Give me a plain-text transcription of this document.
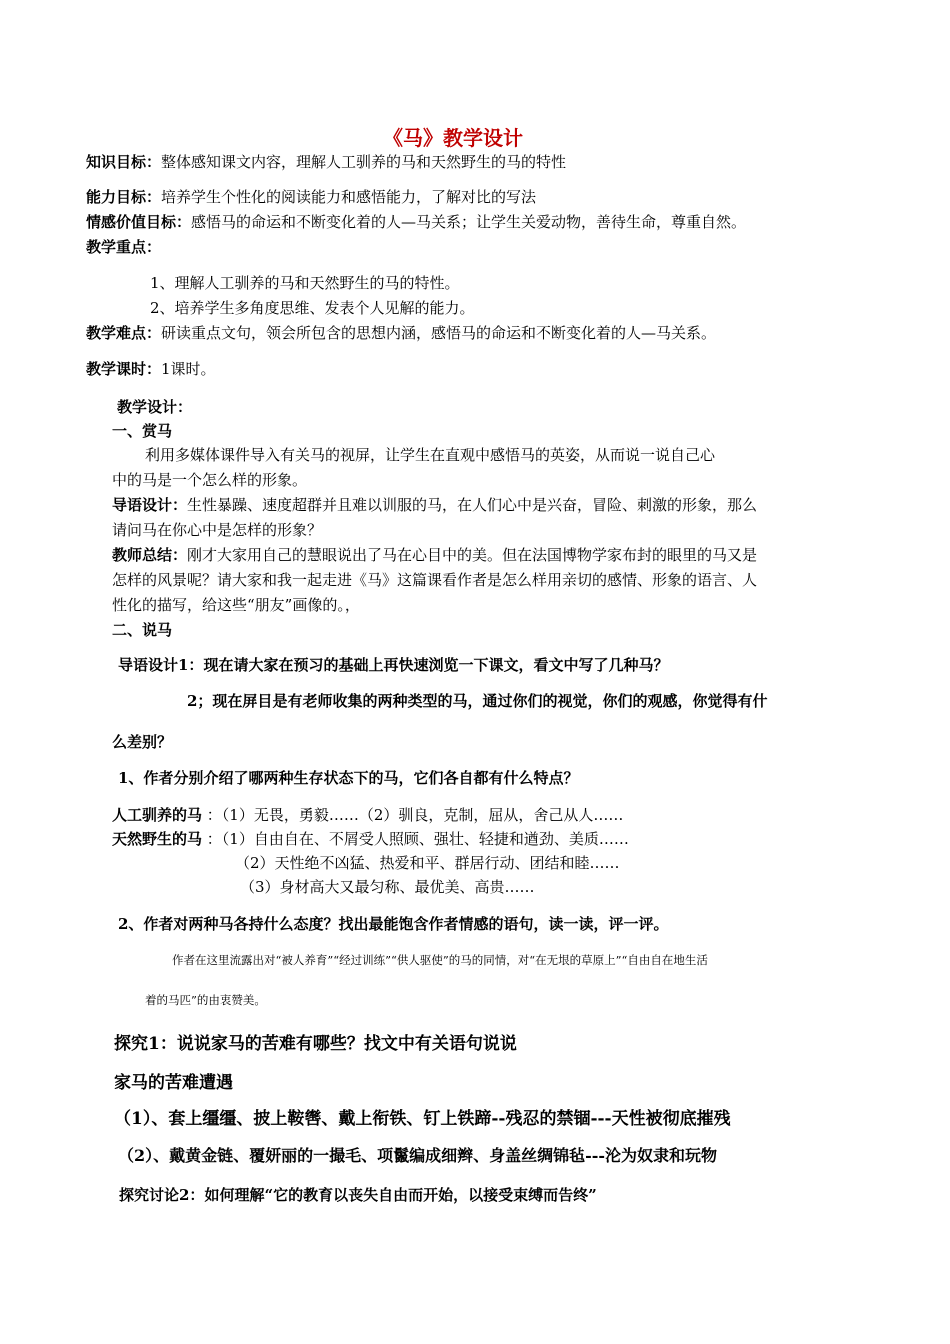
《马》教学设计
知识目标：整体感知课文内容，理解人工驯养的马和天然野生的马的特性
能力目标：培养学生个性化的阅读能力和感悟能力，了解对比的写法
情感价值目标：感悟马的命运和不断变化着的人—马关系；让学生关爱动物，善待生命，尊重自然。
教学重点：
1、理解人工驯养的马和天然野生的马的特性。
2、培养学生多角度思维、发表个人见解的能力。
教学难点：研读重点文句，领会所包含的思想内涵，感悟马的命运和不断变化着的人—马关系。
教学课时：1课时。
教学设计：
一、赏马
利用多媒体课件导入有关马的视屏，让学生在直观中感悟马的英姿，从而说一说自己心
中的马是一个怎么样的形象。
导语设计：生性暴躁、速度超群并且难以训服的马，在人们心中是兴奋，冒险、刺激的形象，那么
请问马在你心中是怎样的形象？
教师总结：刚才大家用自己的慧眼说出了马在心目中的美。但在法国博物学家布封的眼里的马又是
怎样的风景呢？请大家和我一起走进《马》这篇课看作者是怎么样用亲切的感情、形象的语言、人
性化的描写，给这些“朋友”画像的。，
二、说马
导语设计1：现在请大家在预习的基础上再快速浏览一下课文，看文中写了几种马？
2；现在屏目是有老师收集的两种类型的马，通过你们的视觉，你们的观感，你觉得有什
么差别？
1、作者分别介绍了哪两种生存状态下的马，它们各自都有什么特点？
人工驯养的马 ：（1）无畏，勇毅……（2）驯良，克制，屈从，舍己从人……
天然野生的马 ：（1）自由自在、不屑受人照顾、强壮、轻捷和遒劲、美质……
（2）天性绝不凶猛、热爱和平、群居行动、团结和睦……
（3）身材高大又最匀称、最优美、高贵……
2、作者对两种马各持什么态度？找出最能饱含作者情感的语句，读一读，评一评。
作者在这里流露出对“被人养育”“经过训练”“供人驱使”的马的同情，对“在无垠的草原上”“自由自在地生活
着的马匹”的由衷赞美。
探究1：说说家马的苦难有哪些？找文中有关语句说说
家马的苦难遭遇
（1）、套上缰缰、披上鞍辔、戴上衔铁、钉上铁蹄--残忍的禁锢---天性被彻底摧残
（2）、戴黄金链、覆妍丽的一撮毛、项鬣编成细辫、身盖丝绸锦毡---沦为奴隶和玩物
探究讨论2：如何理解“它的教育以丧失自由而开始，以接受束缚而告终”
